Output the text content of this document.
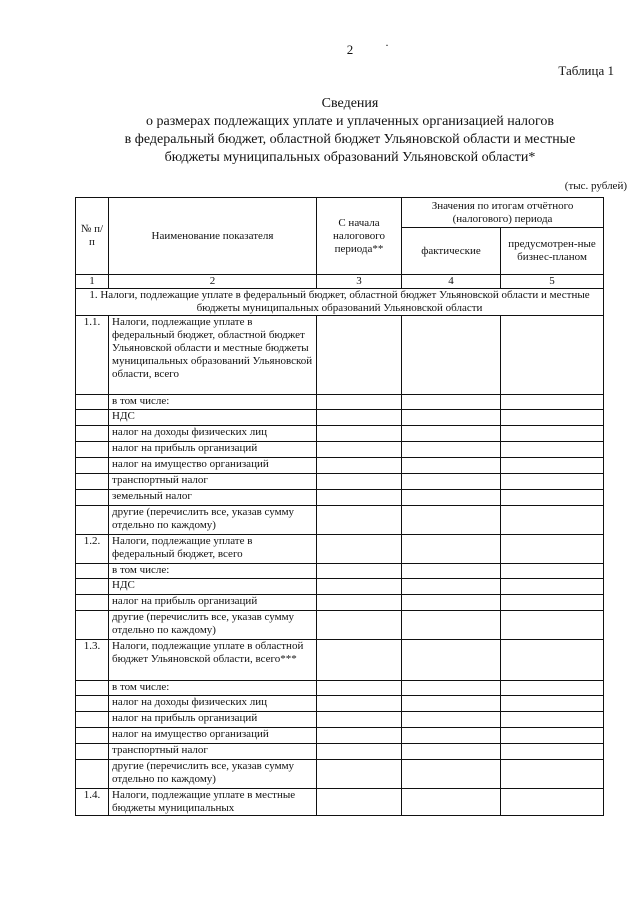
2	·
Таблица 1
Сведения
о размерах подлежащих уплате и уплаченных организацией налогов
в федеральный бюджет, областной бюджет Ульяновской области и местные
бюджеты муниципальных образований Ульяновской области*
(тыс. рублей)
№ п/п	Наименование показателя	С начала налогового периода**	Значения по итогам отчётного (налогового) периода	
			фактические	предусмотрен-ные бизнес-планом
1	2	3	4	5
1. Налоги, подлежащие уплате в федеральный бюджет, областной бюджет Ульяновской области и местные бюджеты муниципальных образований Ульяновской области				
1.1.	Налоги, подлежащие уплате в федеральный бюджет, областной бюджет Ульяновской области и местные бюджеты муниципальных образований Ульяновской области, всего			
	в том числе:			
	НДС			
	налог на доходы физических лиц			
	налог на прибыль организаций			
	налог на имущество организаций			
	транспортный налог			
	земельный налог			
	другие (перечислить все, указав сумму отдельно по каждому)			
1.2.	Налоги, подлежащие уплате в федеральный бюджет, всего			
	в том числе:			
	НДС			
	налог на прибыль организаций			
	другие (перечислить все, указав сумму отдельно по каждому)			
1.3.	Налоги, подлежащие уплате в областной бюджет Ульяновской области, всего***			
	в том числе:			
	налог на доходы физических лиц			
	налог на прибыль организаций			
	налог на имущество организаций			
	транспортный налог			
	другие (перечислить все, указав сумму отдельно по каждому)			
1.4.	Налоги, подлежащие уплате в местные бюджеты муниципальных			
